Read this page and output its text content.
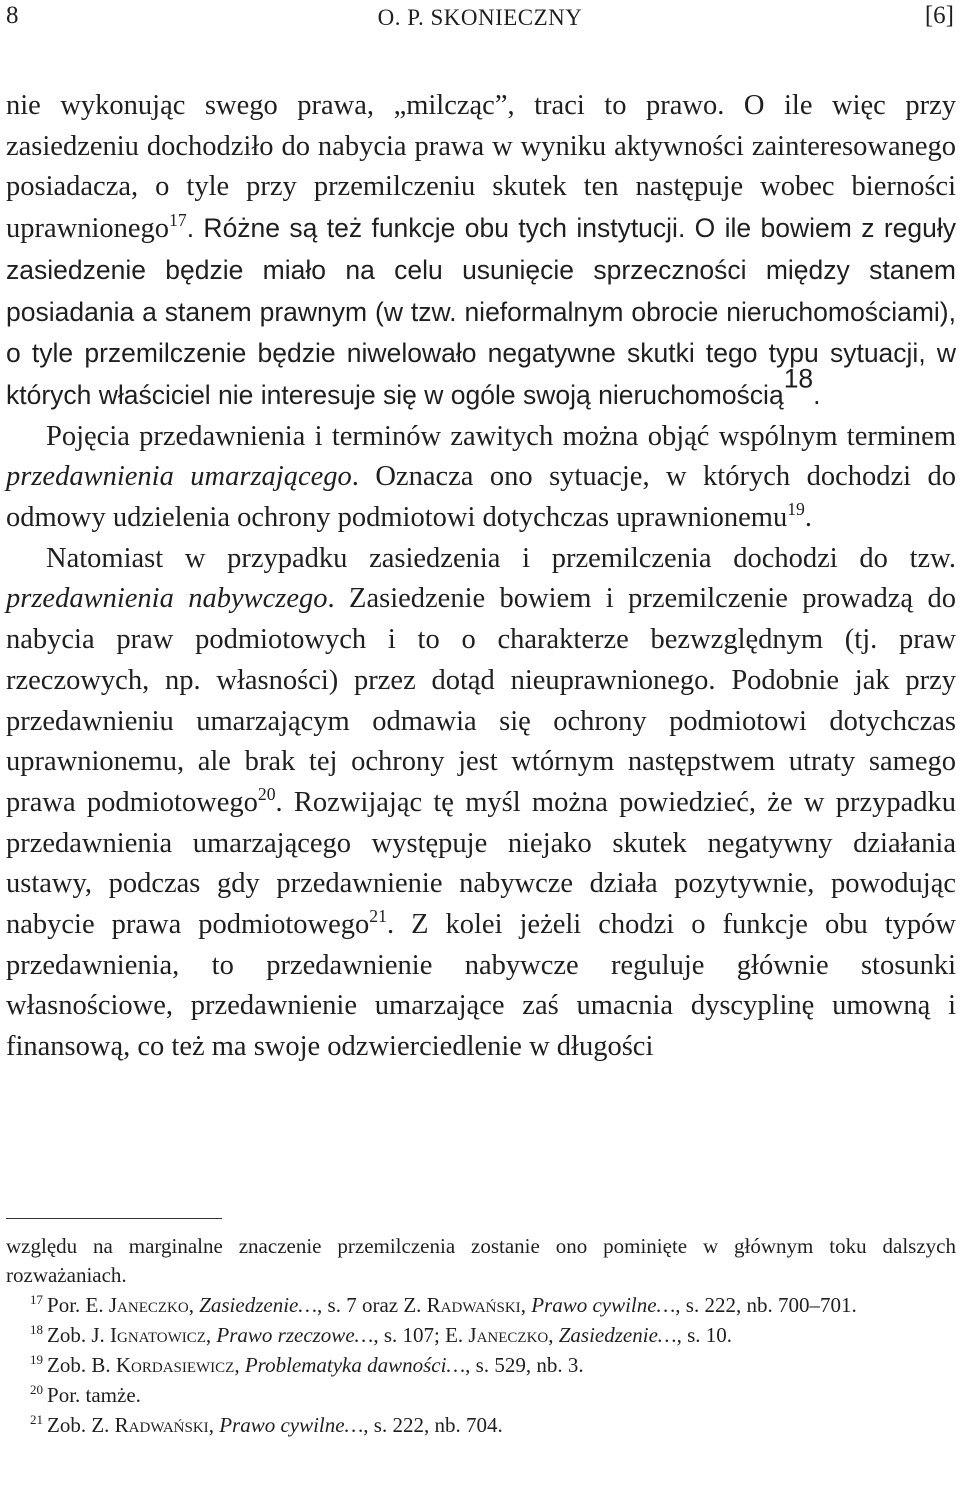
8	O. P. SKONIECZNY	[6]

nie wykonując swego prawa, „milcząc”, traci to prawo. O ile więc przy zasiedzeniu dochodziło do nabycia prawa w wyniku aktywności zainteresowanego posiadacza, o tyle przy przemilczeniu skutek ten następuje wobec bierności uprawnionego$^{17}$. Różne są też funkcje obu tych instytucji. O ile bowiem z reguły zasiedzenie będzie miało na celu usunięcie sprzeczności między stanem posiadania a stanem prawnym (w tzw. nieformalnym obrocie nieruchomościami), o tyle przemilczenie będzie niwelowało negatywne skutki tego typu sytuacji, w których właściciel nie interesuje się w ogóle swoją nieruchomością$^{18}$.

Pojęcia przedawnienia i terminów zawitych można objąć wspólnym terminem przedawnienia umarzającego. Oznacza ono sytuacje, w których dochodzi do odmowy udzielenia ochrony podmiotowi dotychczas uprawnionemu$^{19}$.

Natomiast w przypadku zasiedzenia i przemilczenia dochodzi do tzw. przedawnienia nabywczego. Zasiedzenie bowiem i przemilczenie prowadzą do nabycia praw podmiotowych i to o charakterze bezwzględnym (tj. praw rzeczowych, np. własności) przez dotąd nieuprawnionego. Podobnie jak przy przedawnieniu umarzającym odmawia się ochrony podmiotowi dotychczas uprawnionemu, ale brak tej ochrony jest wtórnym następstwem utraty samego prawa podmiotowego$^{20}$. Rozwijając tę myśl można powiedzieć, że w przypadku przedawnienia umarzającego występuje niejako skutek negatywny działania ustawy, podczas gdy przedawnienie nabywcze działa pozytywnie, powodując nabycie prawa podmiotowego$^{21}$. Z kolei jeżeli chodzi o funkcje obu typów przedawnienia, to przedawnienie nabywcze reguluje głównie stosunki własnościowe, przedawnienie umarzające zaś umacnia dyscyplinę umowną i finansową, co też ma swoje odzwierciedlenie w długości

względu na marginalne znaczenie przemilczenia zostanie ono pominięte w głównym toku dalszych rozważaniach.

$^{17}$ Por. E. Janeczko, Zasiedzenie…, s. 7 oraz Z. Radwański, Prawo cywilne…, s. 222, nb. 700–701.

$^{18}$ Zob. J. Ignatowicz, Prawo rzeczowe…, s. 107; E. Janeczko, Zasiedzenie…, s. 10.

$^{19}$ Zob. B. Kordasiewicz, Problematyka dawności…, s. 529, nb. 3.

$^{20}$ Por. tamże.

$^{21}$ Zob. Z. Radwański, Prawo cywilne…, s. 222, nb. 704.
